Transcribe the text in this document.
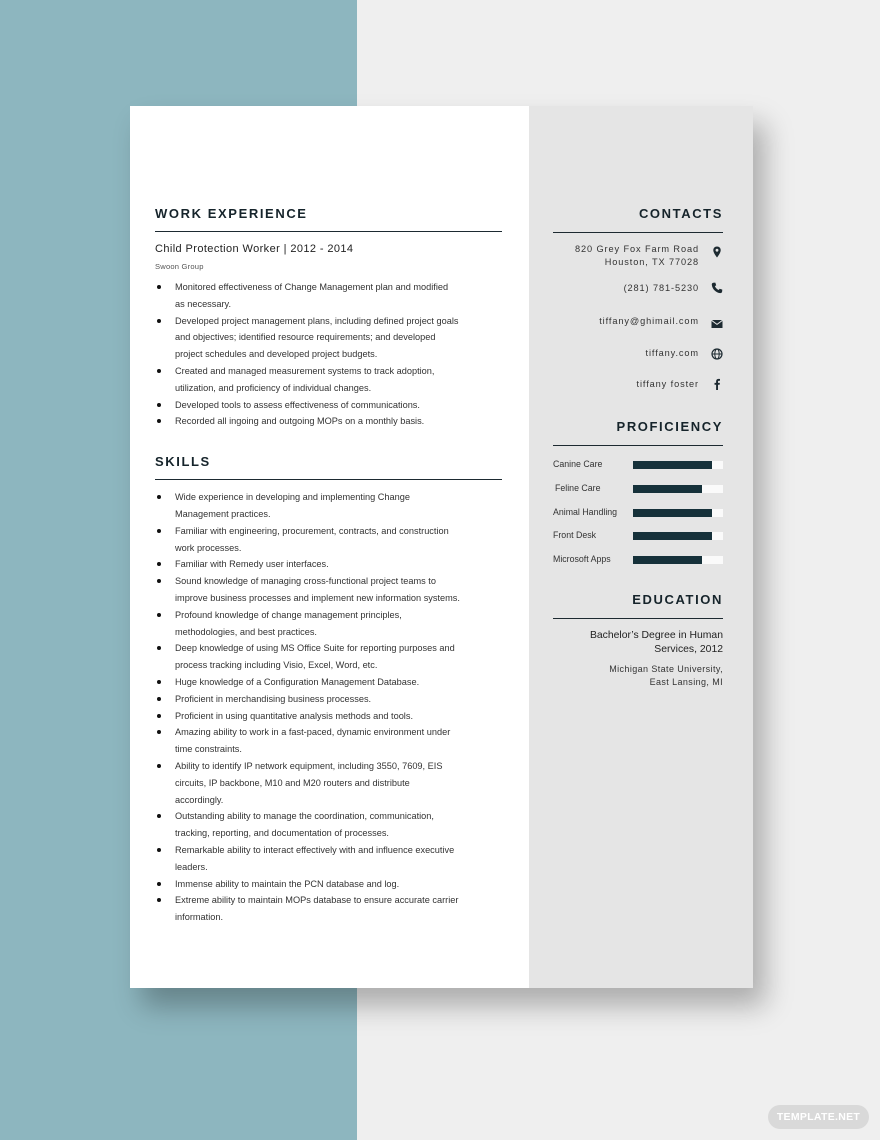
WORK EXPERIENCE
Child Protection Worker | 2012 - 2014
Swoon Group
Monitored effectiveness of Change Management plan and modified as necessary.
Developed project management plans, including defined project goals and objectives; identified resource requirements; and developed project schedules and developed project budgets.
Created and managed measurement systems to track adoption, utilization, and proficiency of individual changes.
Developed tools to assess effectiveness of communications.
Recorded all ingoing and outgoing MOPs on a monthly basis.
SKILLS
Wide experience in developing and implementing Change Management practices.
Familiar with engineering, procurement, contracts, and construction work processes.
Familiar with Remedy user interfaces.
Sound knowledge of managing cross-functional project teams to improve business processes and implement new information systems.
Profound knowledge of change management principles, methodologies, and best practices.
Deep knowledge of using MS Office Suite for reporting purposes and process tracking including Visio, Excel, Word, etc.
Huge knowledge of a Configuration Management Database.
Proficient in merchandising business processes.
Proficient in using quantitative analysis methods and tools.
Amazing ability to work in a fast-paced, dynamic environment under time constraints.
Ability to identify IP network equipment, including 3550, 7609, EIS circuits, IP backbone, M10 and M20 routers and distribute accordingly.
Outstanding ability to manage the coordination, communication, tracking, reporting, and documentation of processes.
Remarkable ability to interact effectively with and influence executive leaders.
Immense ability to maintain the PCN database and log.
Extreme ability to maintain MOPs database to ensure accurate carrier information.
CONTACTS
820 Grey Fox Farm Road
Houston, TX 77028
(281) 781-5230
tiffany@ghimail.com
tiffany.com
tiffany foster
PROFICIENCY
Canine Care
Feline Care
Animal Handling
Front Desk
Microsoft Apps
EDUCATION
Bachelor’s Degree in Human
Services, 2012
Michigan State University,
East Lansing, MI
TEMPLATE.NET
